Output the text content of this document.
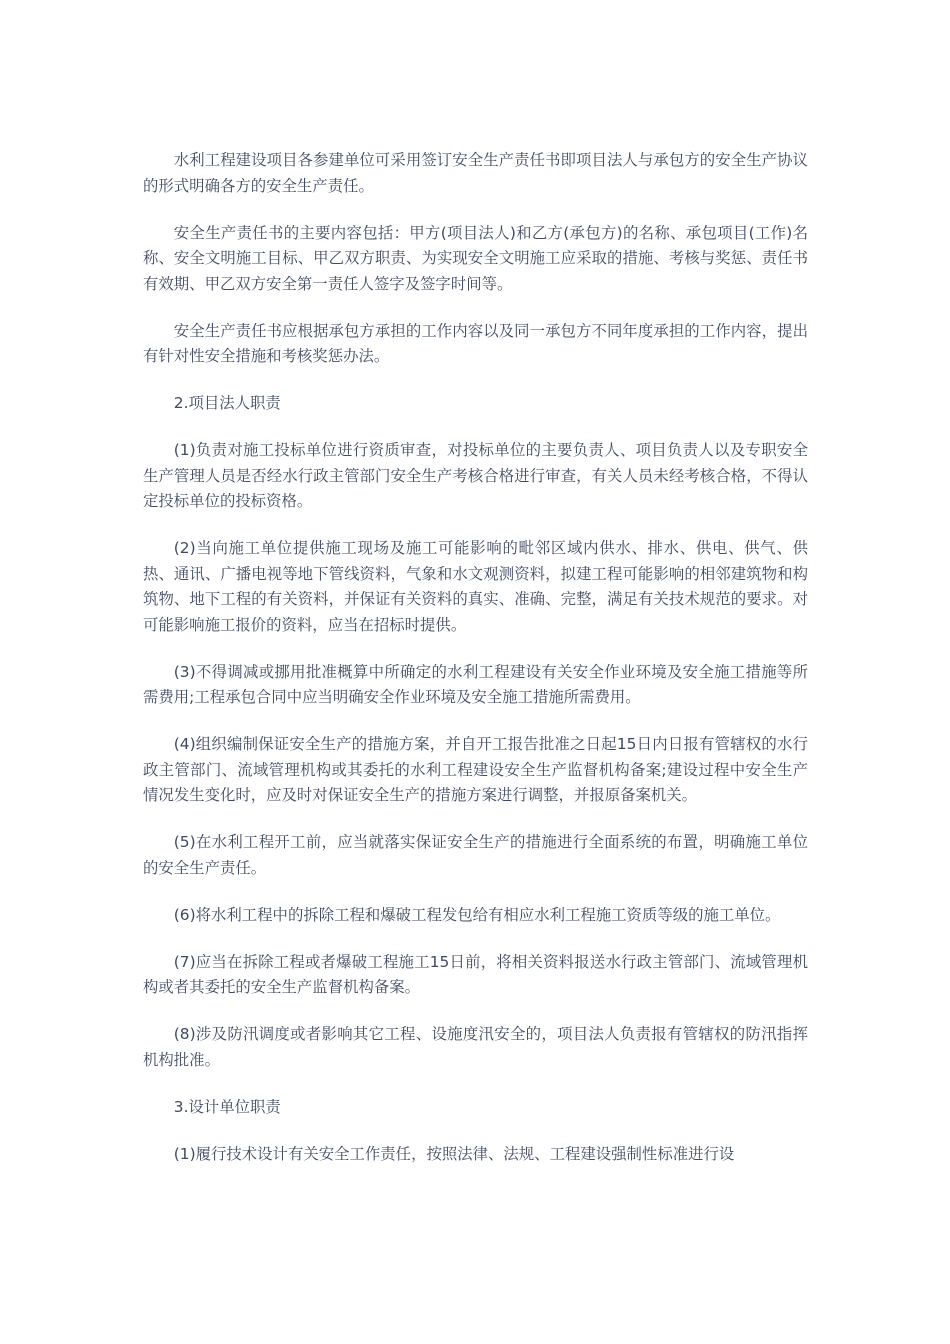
水利工程建设项目各参建单位可采用签订安全生产责任书即项目法人与承包方的安全生产协议的形式明确各方的安全生产责任。

安全生产责任书的主要内容包括：甲方(项目法人)和乙方(承包方)的名称、承包项目(工作)名称、安全文明施工目标、甲乙双方职责、为实现安全文明施工应采取的措施、考核与奖惩、责任书有效期、甲乙双方安全第一责任人签字及签字时间等。

安全生产责任书应根据承包方承担的工作内容以及同一承包方不同年度承担的工作内容，提出有针对性安全措施和考核奖惩办法。

2.项目法人职责

(1)负责对施工投标单位进行资质审查，对投标单位的主要负责人、项目负责人以及专职安全生产管理人员是否经水行政主管部门安全生产考核合格进行审查，有关人员未经考核合格，不得认定投标单位的投标资格。

(2)当向施工单位提供施工现场及施工可能影响的毗邻区域内供水、排水、供电、供气、供热、通讯、广播电视等地下管线资料，气象和水文观测资料，拟建工程可能影响的相邻建筑物和构筑物、地下工程的有关资料，并保证有关资料的真实、准确、完整，满足有关技术规范的要求。对可能影响施工报价的资料，应当在招标时提供。

(3)不得调减或挪用批准概算中所确定的水利工程建设有关安全作业环境及安全施工措施等所需费用;工程承包合同中应当明确安全作业环境及安全施工措施所需费用。

(4)组织编制保证安全生产的措施方案，并自开工报告批准之日起15日内日报有管辖权的水行政主管部门、流域管理机构或其委托的水利工程建设安全生产监督机构备案;建设过程中安全生产情况发生变化时，应及时对保证安全生产的措施方案进行调整，并报原备案机关。

(5)在水利工程开工前，应当就落实保证安全生产的措施进行全面系统的布置，明确施工单位的安全生产责任。

(6)将水利工程中的拆除工程和爆破工程发包给有相应水利工程施工资质等级的施工单位。

(7)应当在拆除工程或者爆破工程施工15日前，将相关资料报送水行政主管部门、流域管理机构或者其委托的安全生产监督机构备案。

(8)涉及防汛调度或者影响其它工程、设施度汛安全的，项目法人负责报有管辖权的防汛指挥机构批准。

3.设计单位职责

(1)履行技术设计有关安全工作责任，按照法律、法规、工程建设强制性标准进行设
